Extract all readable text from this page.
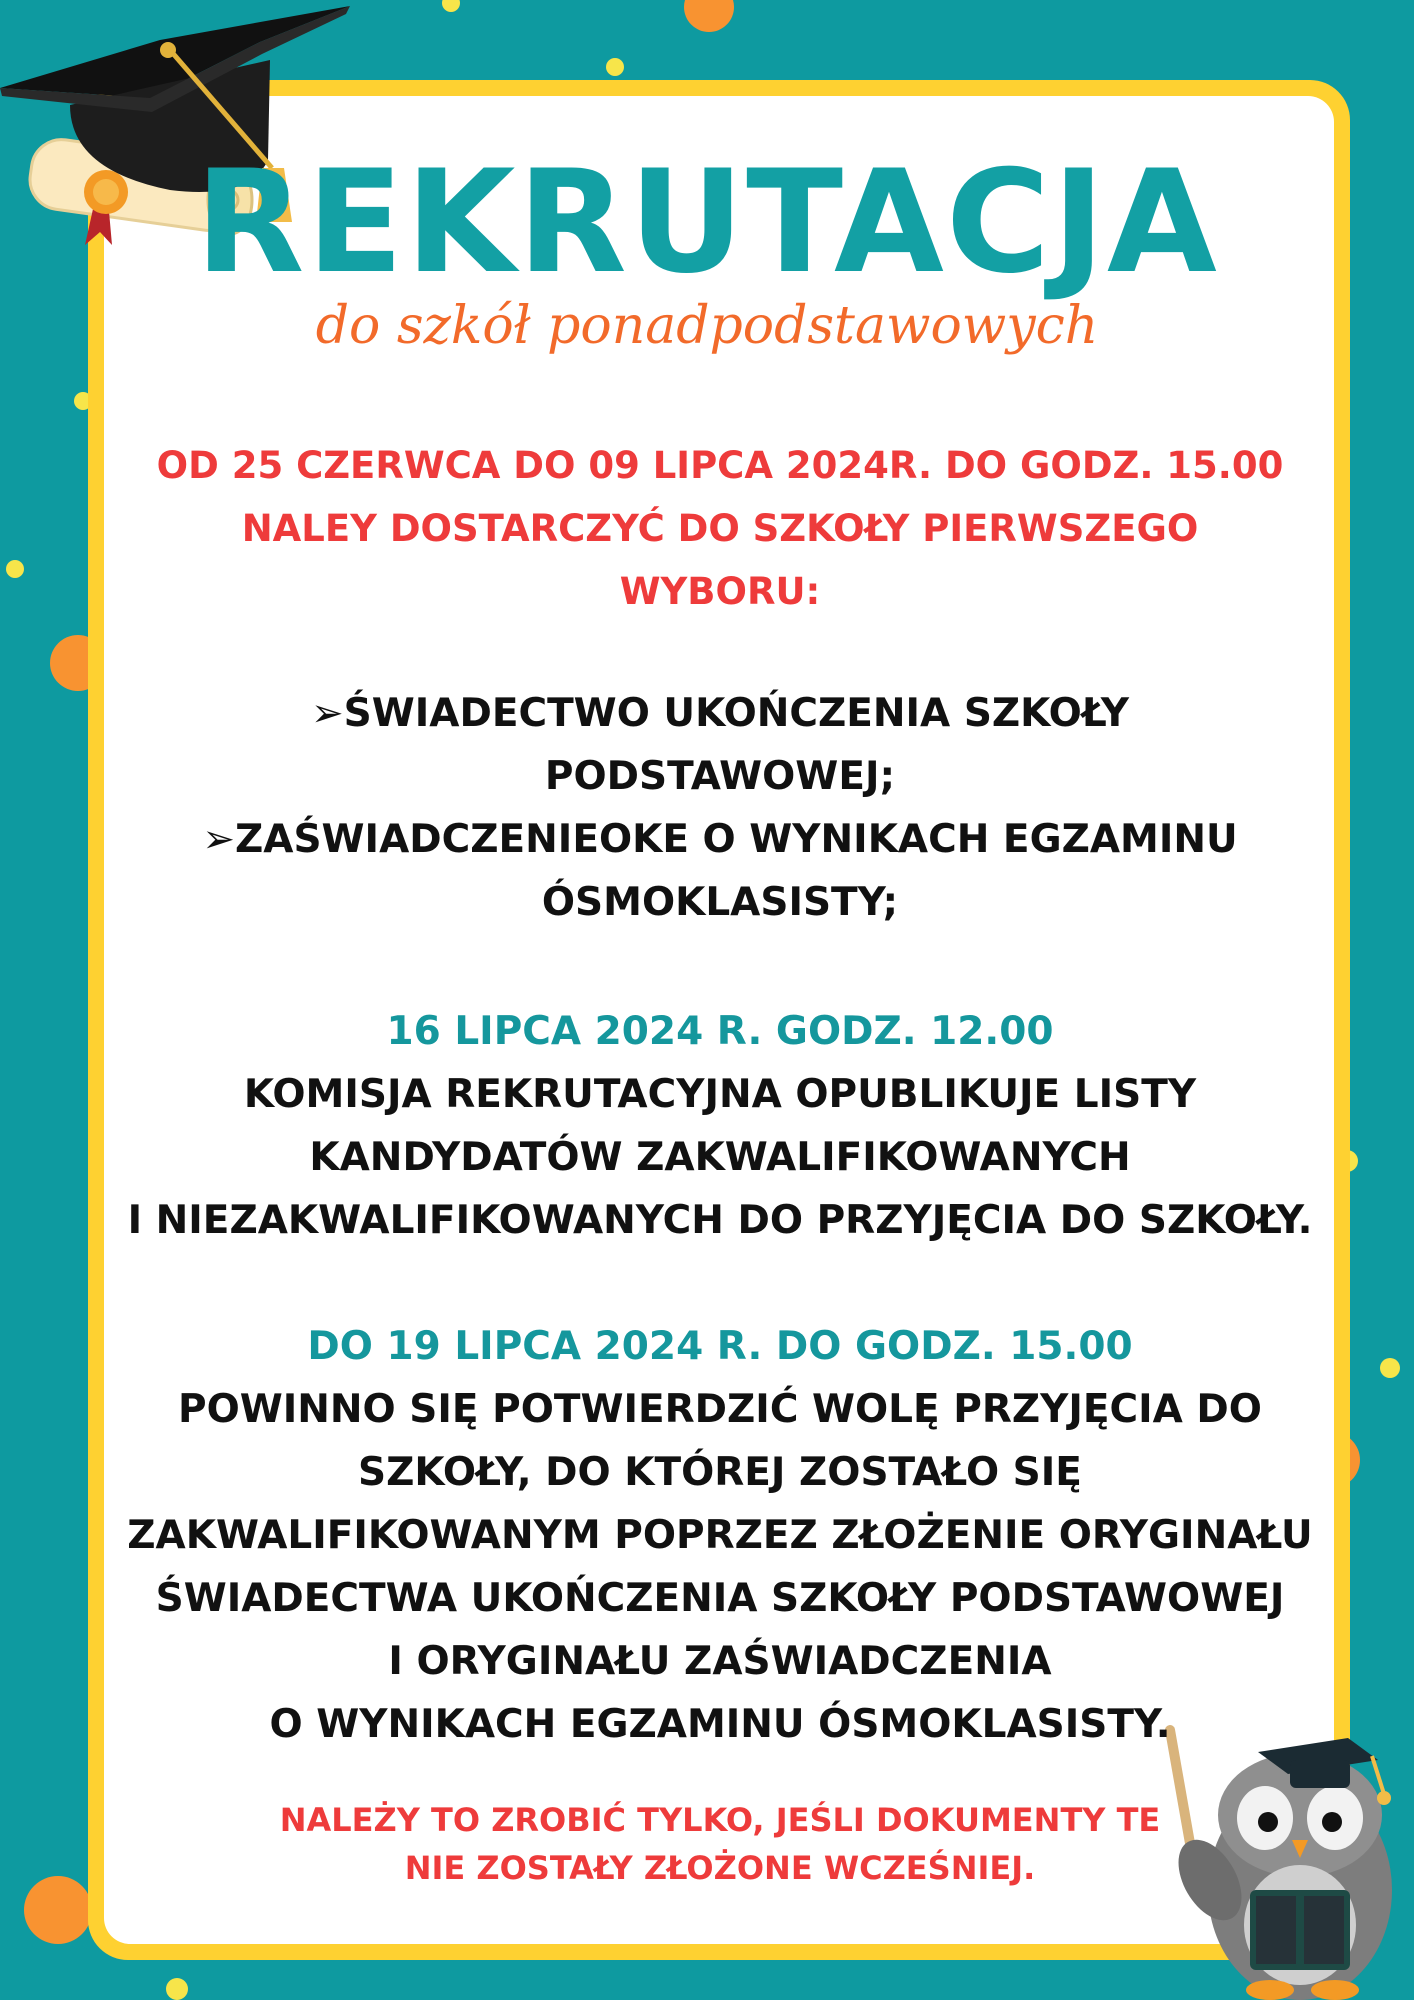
REKRUTACJA
do szkół ponadpodstawowych
OD 25 CZERWCA DO 09 LIPCA 2024R. DO GODZ. 15.00
NALEY DOSTARCZYĆ DO SZKOŁY PIERWSZEGO
WYBORU:
➢ŚWIADECTWO UKOŃCZENIA SZKOŁY
PODSTAWOWEJ;
➢ZAŚWIADCZENIEOKE O WYNIKACH EGZAMINU
ÓSMOKLASISTY;
16 LIPCA 2024 R. GODZ. 12.00
KOMISJA REKRUTACYJNA OPUBLIKUJE LISTY
KANDYDATÓW ZAKWALIFIKOWANYCH
I NIEZAKWALIFIKOWANYCH DO PRZYJĘCIA DO SZKOŁY.
DO 19 LIPCA 2024 R. DO GODZ. 15.00
POWINNO SIĘ POTWIERDZIĆ WOLĘ PRZYJĘCIA DO
SZKOŁY, DO KTÓREJ ZOSTAŁO SIĘ
ZAKWALIFIKOWANYM POPRZEZ ZŁOŻENIE ORYGINAŁU
ŚWIADECTWA UKOŃCZENIA SZKOŁY PODSTAWOWEJ
I ORYGINAŁU ZAŚWIADCZENIA
O WYNIKACH EGZAMINU ÓSMOKLASISTY.
NALEŻY TO ZROBIĆ TYLKO, JEŚLI DOKUMENTY TE
NIE ZOSTAŁY ZŁOŻONE WCZEŚNIEJ.
